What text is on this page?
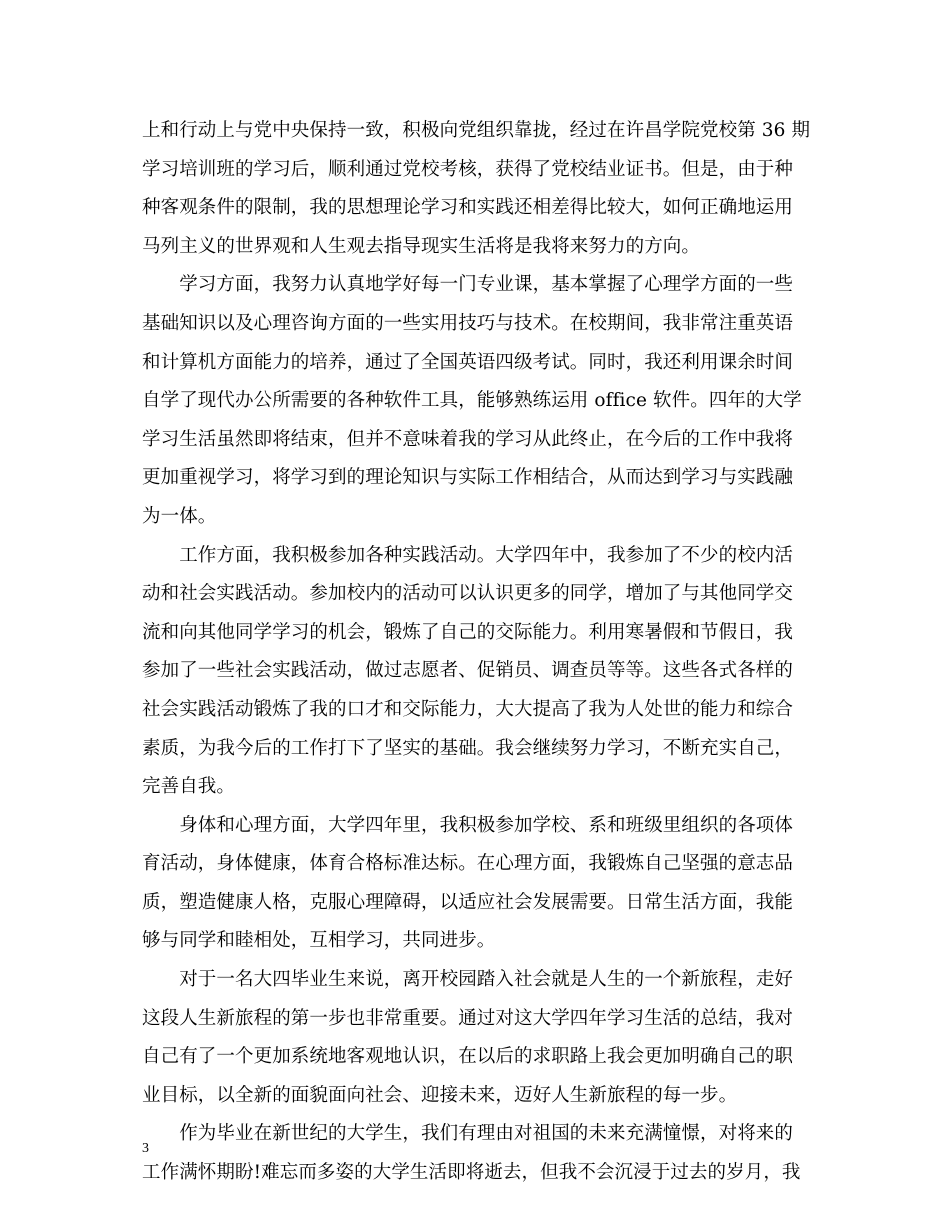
上和行动上与党中央保持一致，积极向党组织靠拢，经过在许昌学院党校第 36 期
学习培训班的学习后，顺利通过党校考核，获得了党校结业证书。但是，由于种
种客观条件的限制，我的思想理论学习和实践还相差得比较大，如何正确地运用
马列主义的世界观和人生观去指导现实生活将是我将来努力的方向。
　　学习方面，我努力认真地学好每一门专业课，基本掌握了心理学方面的一些
基础知识以及心理咨询方面的一些实用技巧与技术。在校期间，我非常注重英语
和计算机方面能力的培养，通过了全国英语四级考试。同时，我还利用课余时间
自学了现代办公所需要的各种软件工具，能够熟练运用 office 软件。四年的大学
学习生活虽然即将结束，但并不意味着我的学习从此终止，在今后的工作中我将
更加重视学习，将学习到的理论知识与实际工作相结合，从而达到学习与实践融
为一体。
　　工作方面，我积极参加各种实践活动。大学四年中，我参加了不少的校内活
动和社会实践活动。参加校内的活动可以认识更多的同学，增加了与其他同学交
流和向其他同学学习的机会，锻炼了自己的交际能力。利用寒暑假和节假日，我
参加了一些社会实践活动，做过志愿者、促销员、调查员等等。这些各式各样的
社会实践活动锻炼了我的口才和交际能力，大大提高了我为人处世的能力和综合
素质，为我今后的工作打下了坚实的基础。我会继续努力学习，不断充实自己，
完善自我。
　　身体和心理方面，大学四年里，我积极参加学校、系和班级里组织的各项体
育活动，身体健康，体育合格标准达标。在心理方面，我锻炼自己坚强的意志品
质，塑造健康人格，克服心理障碍，以适应社会发展需要。日常生活方面，我能
够与同学和睦相处，互相学习，共同进步。
　　对于一名大四毕业生来说，离开校园踏入社会就是人生的一个新旅程，走好
这段人生新旅程的第一步也非常重要。通过对这大学四年学习生活的总结，我对
自己有了一个更加系统地客观地认识，在以后的求职路上我会更加明确自己的职
业目标，以全新的面貌面向社会、迎接未来，迈好人生新旅程的每一步。
　　作为毕业在新世纪的大学生，我们有理由对祖国的未来充满憧憬，对将来的
工作满怀期盼!难忘而多姿的大学生活即将逝去，但我不会沉浸于过去的岁月，我
3
